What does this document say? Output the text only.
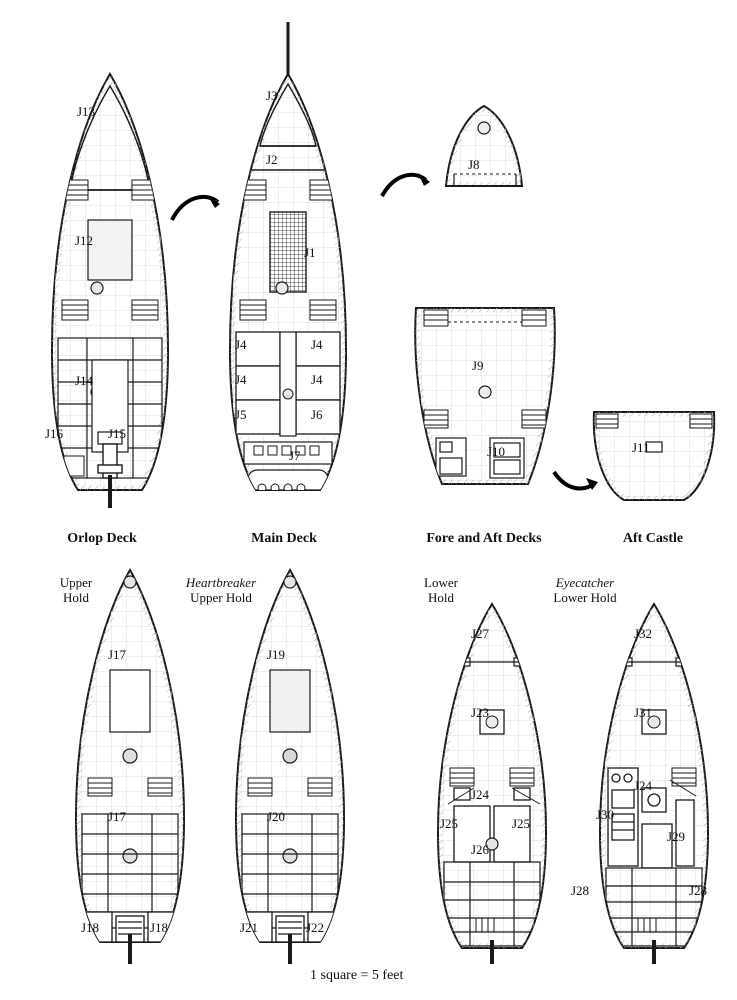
J13
J12
J14
J16	J15
J3
J2
J1
J4	J4
J4	J4
J5	J6
J7
J8
J9
J10	J11
J17
J17
J18	J18
J19
J20
J21	J22
J27
J23
J24
J25	J25
J26
J32
J31
J24
J30
J29
J28	J28
Orlop Deck	Main Deck	Fore and Aft Decks	Aft Castle
Upper
Hold
Heartbreaker
Upper Hold
Lower
Hold
Eyecatcher
Lower Hold
1 square = 5 feet
